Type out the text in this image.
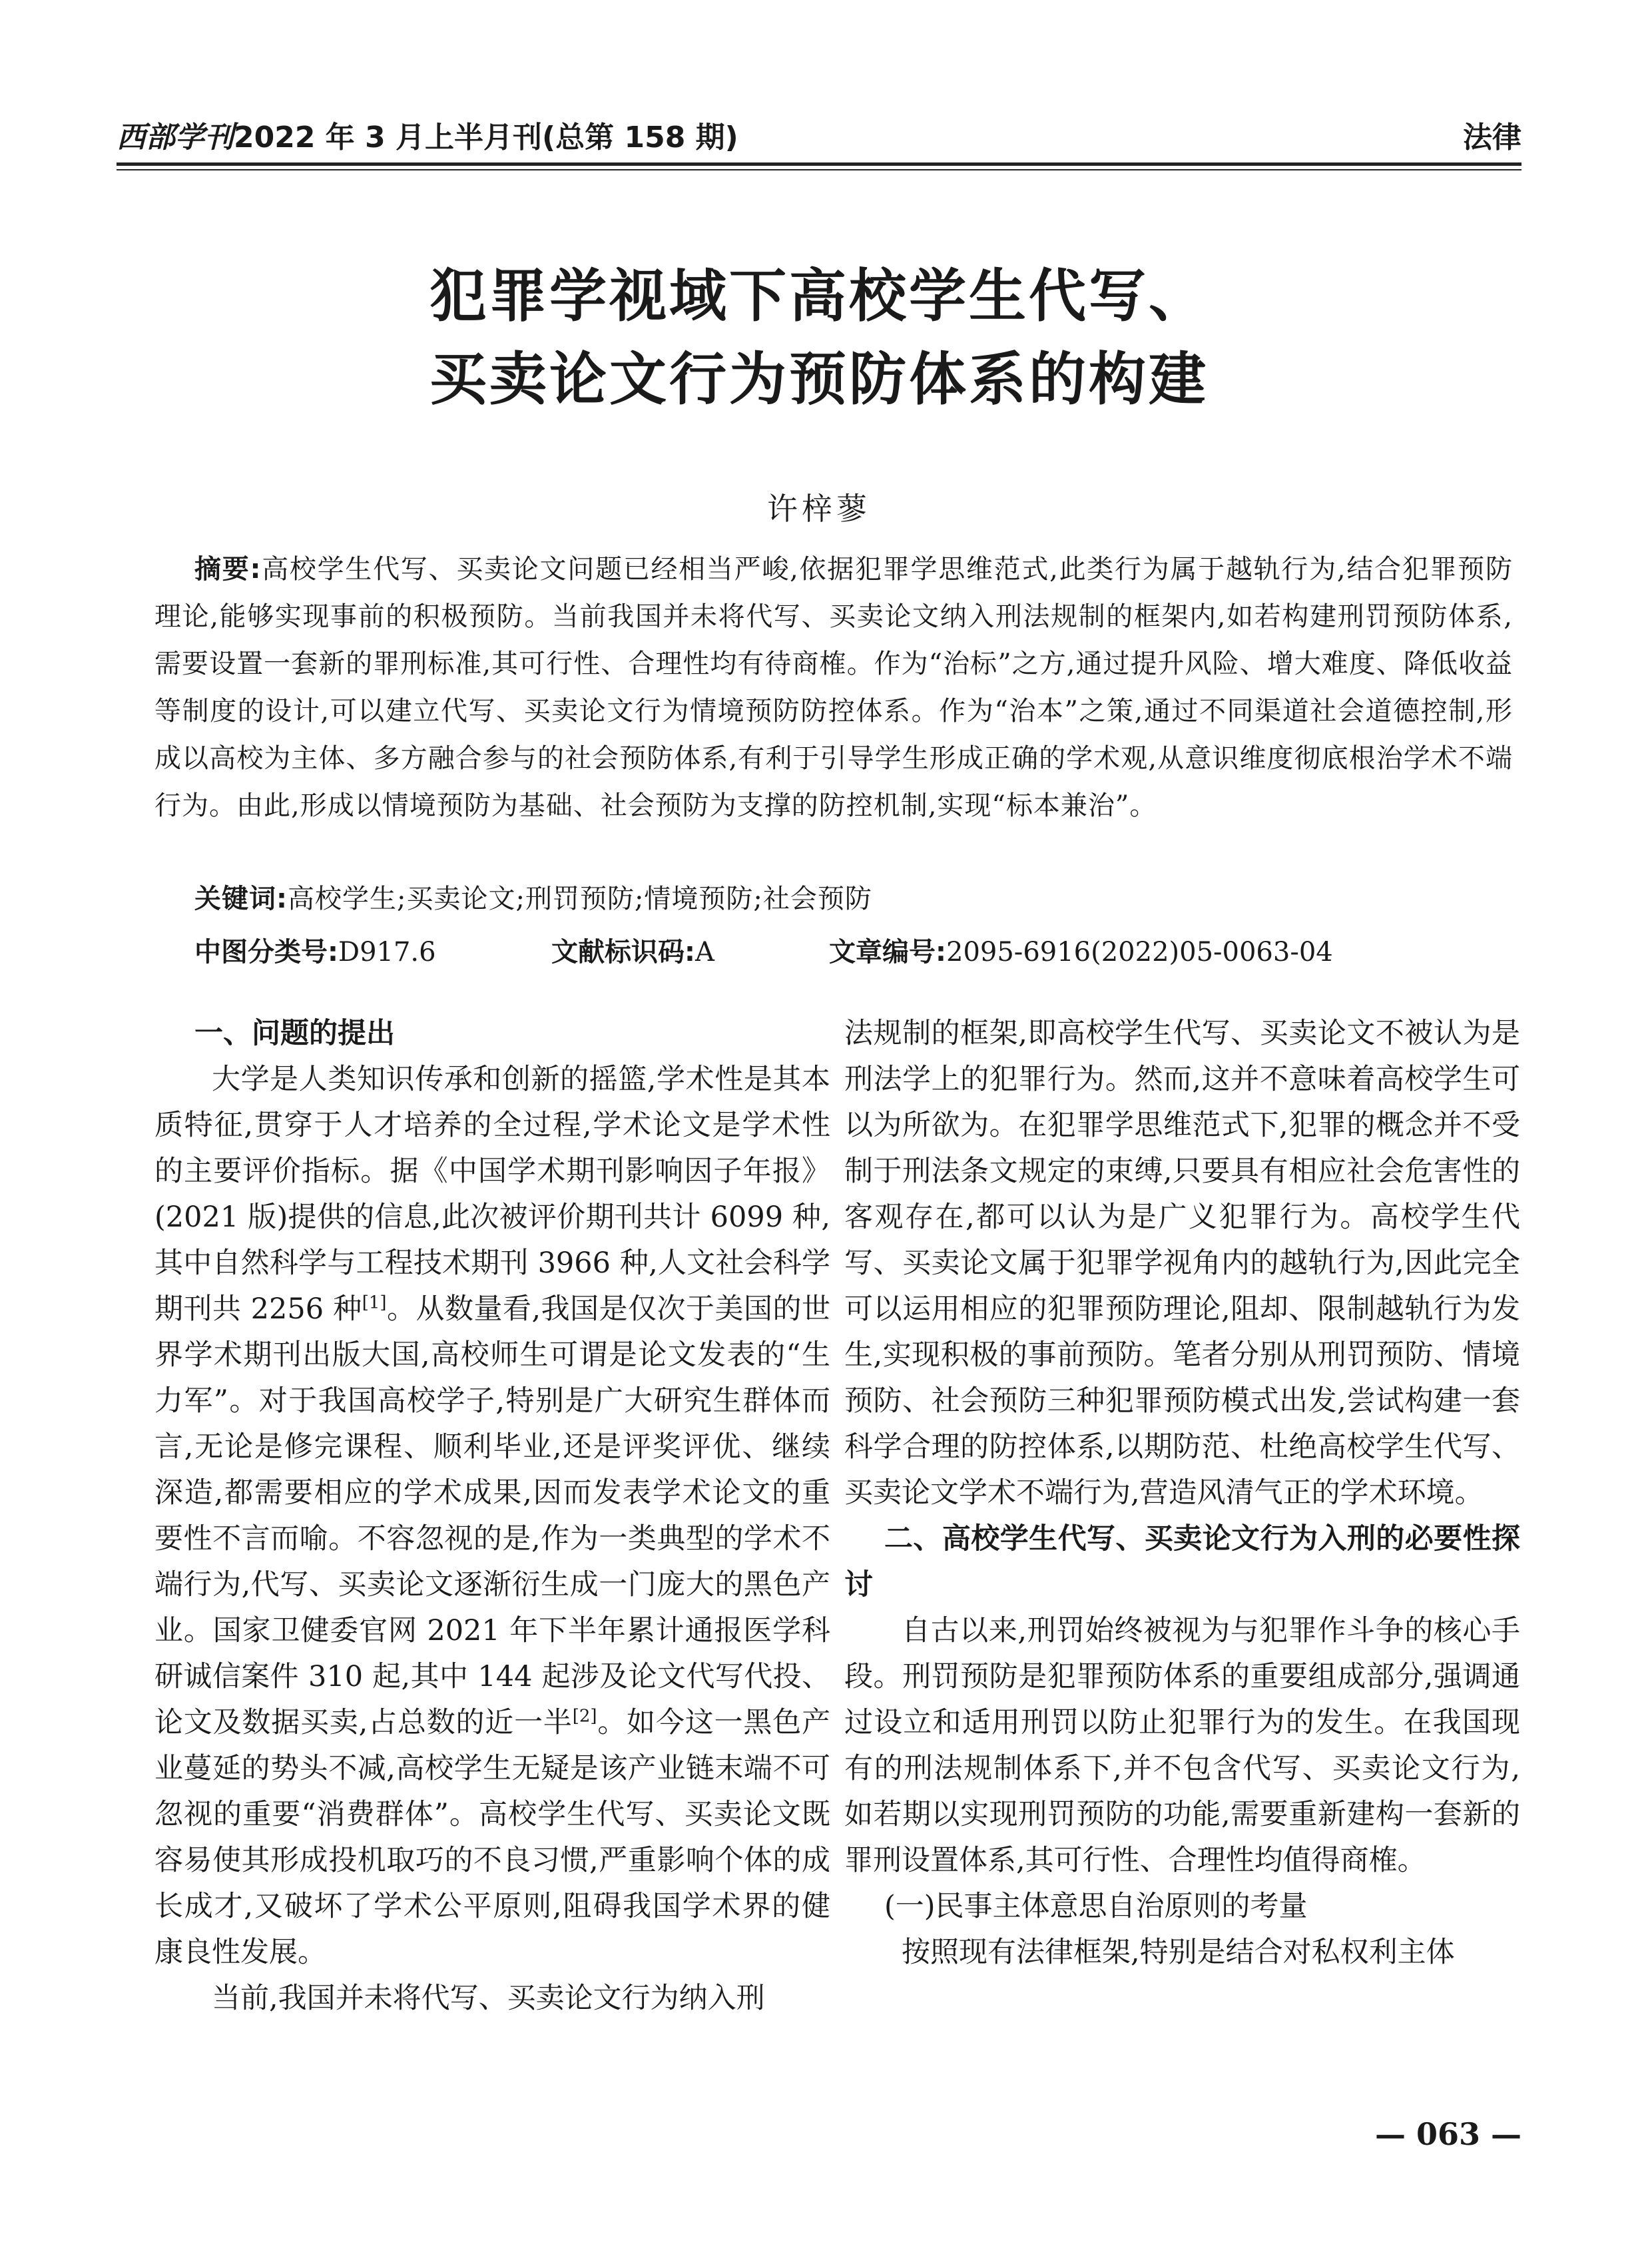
西部学刊2022 年 3 月上半月刊(总第 158 期)	法律
犯罪学视域下高校学生代写、
买卖论文行为预防体系的构建
许梓蓼
摘要:高校学生代写、买卖论文问题已经相当严峻,依据犯罪学思维范式,此类行为属于越轨行为,结合犯罪预防理论,能够实现事前的积极预防。当前我国并未将代写、买卖论文纳入刑法规制的框架内,如若构建刑罚预防体系,需要设置一套新的罪刑标准,其可行性、合理性均有待商榷。作为“治标”之方,通过提升风险、增大难度、降低收益等制度的设计,可以建立代写、买卖论文行为情境预防防控体系。作为“治本”之策,通过不同渠道社会道德控制,形成以高校为主体、多方融合参与的社会预防体系,有利于引导学生形成正确的学术观,从意识维度彻底根治学术不端行为。由此,形成以情境预防为基础、社会预防为支撑的防控机制,实现“标本兼治”。
关键词:高校学生;买卖论文;刑罚预防;情境预防;社会预防
中图分类号:D917.6	文献标识码:A	文章编号:2095-6916(2022)05-0063-04
一、问题的提出

大学是人类知识传承和创新的摇篮,学术性是其本质特征,贯穿于人才培养的全过程,学术论文是学术性的主要评价指标。据《中国学术期刊影响因子年报》(2021 版)提供的信息,此次被评价期刊共计 6099 种,其中自然科学与工程技术期刊 3966 种,人文社会科学期刊共 2256 种[1]。从数量看,我国是仅次于美国的世界学术期刊出版大国,高校师生可谓是论文发表的“生力军”。对于我国高校学子,特别是广大研究生群体而言,无论是修完课程、顺利毕业,还是评奖评优、继续深造,都需要相应的学术成果,因而发表学术论文的重要性不言而喻。不容忽视的是,作为一类典型的学术不端行为,代写、买卖论文逐渐衍生成一门庞大的黑色产业。国家卫健委官网 2021 年下半年累计通报医学科研诚信案件 310 起,其中 144 起涉及论文代写代投、论文及数据买卖,占总数的近一半[2]。如今这一黑色产业蔓延的势头不减,高校学生无疑是该产业链末端不可忽视的重要“消费群体”。高校学生代写、买卖论文既容易使其形成投机取巧的不良习惯,严重影响个体的成长成才,又破坏了学术公平原则,阻碍我国学术界的健康良性发展。

当前,我国并未将代写、买卖论文行为纳入刑

法规制的框架,即高校学生代写、买卖论文不被认为是刑法学上的犯罪行为。然而,这并不意味着高校学生可以为所欲为。在犯罪学思维范式下,犯罪的概念并不受制于刑法条文规定的束缚,只要具有相应社会危害性的客观存在,都可以认为是广义犯罪行为。高校学生代写、买卖论文属于犯罪学视角内的越轨行为,因此完全可以运用相应的犯罪预防理论,阻却、限制越轨行为发生,实现积极的事前预防。笔者分别从刑罚预防、情境预防、社会预防三种犯罪预防模式出发,尝试构建一套科学合理的防控体系,以期防范、杜绝高校学生代写、买卖论文学术不端行为,营造风清气正的学术环境。

二、高校学生代写、买卖论文行为入刑的必要性探讨

自古以来,刑罚始终被视为与犯罪作斗争的核心手段。刑罚预防是犯罪预防体系的重要组成部分,强调通过设立和适用刑罚以防止犯罪行为的发生。在我国现有的刑法规制体系下,并不包含代写、买卖论文行为,如若期以实现刑罚预防的功能,需要重新建构一套新的罪刑设置体系,其可行性、合理性均值得商榷。

(一)民事主体意思自治原则的考量

按照现有法律框架,特别是结合对私权利主体

— 063 —
